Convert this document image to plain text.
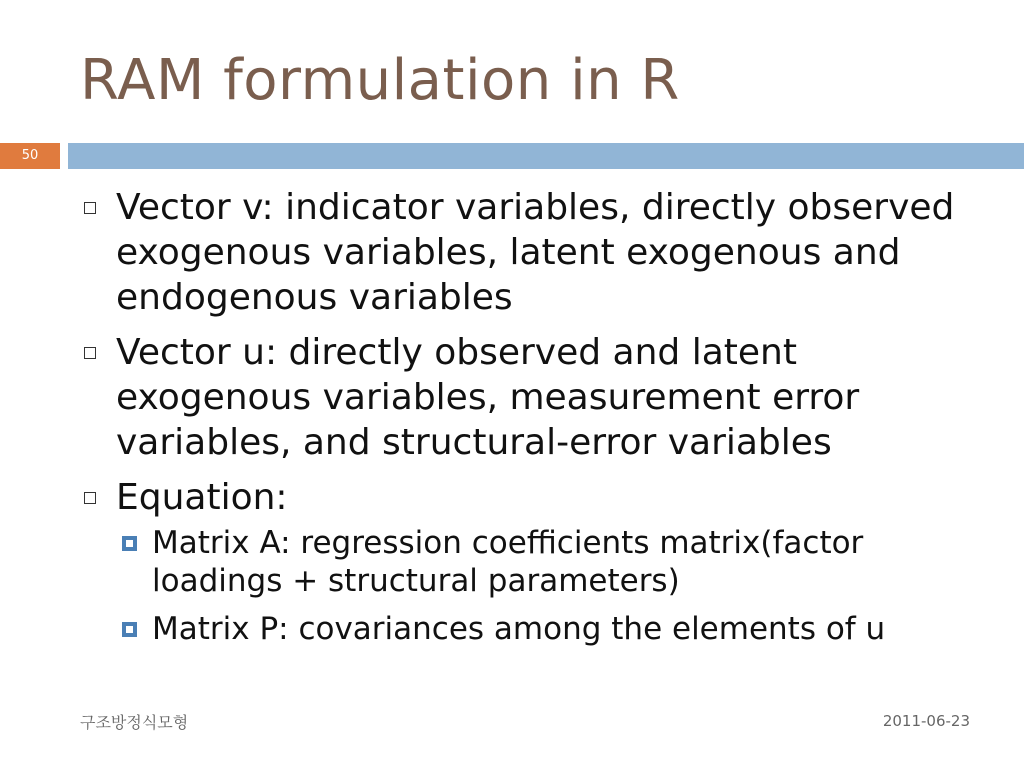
RAM formulation in R
50
Vector v: indicator variables, directly observed exogenous variables, latent exogenous and endogenous variables
Vector u: directly observed and latent exogenous variables, measurement error variables, and structural-error variables
Equation:
Matrix A: regression coefficients matrix(factor loadings + structural parameters)
Matrix P: covariances among the elements of u
구조방정식모형	2011-06-23
